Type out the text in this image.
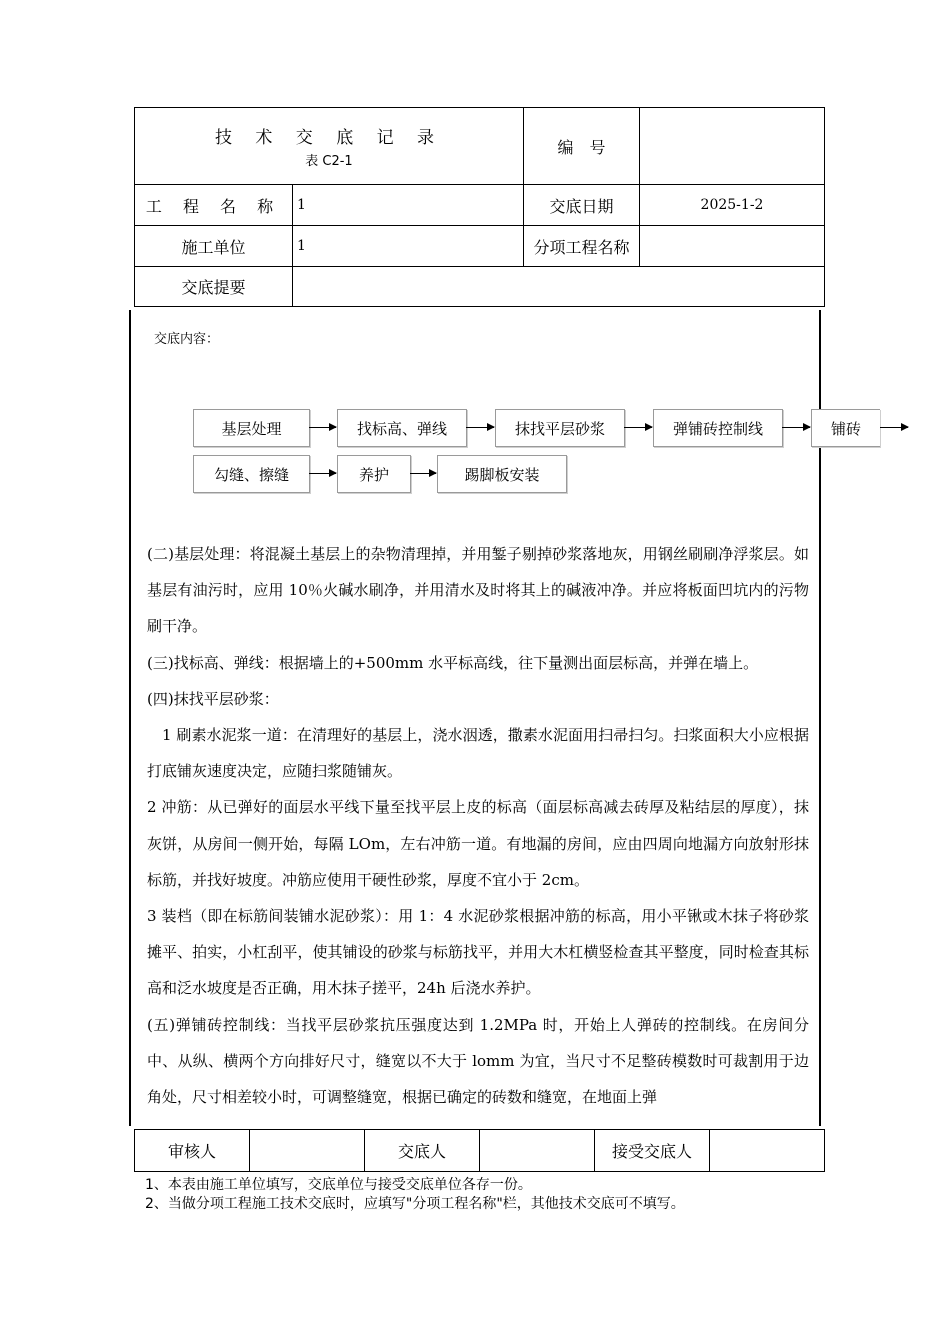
技 术 交 底 记 录
表 C2-1		编　号	
工 程 名 称	1	交底日期	2025-1-2
施工单位	1	分项工程名称	
交底提要			
交底内容：
基层处理	找标高、弹线	抹找平层砂浆	弹铺砖控制线	铺砖
勾缝、擦缝	养护	踢脚板安装

(二)基层处理：将混凝土基层上的杂物清理掉，并用錾子剔掉砂浆落地灰，用钢丝刷刷净浮浆层。如基层有油污时，应用 10％火碱水刷净，并用清水及时将其上的碱液冲净。并应将板面凹坑内的污物刷干净。

(三)找标高、弹线：根据墙上的+500mm 水平标高线，往下量测出面层标高，并弹在墙上。

(四)抹找平层砂浆：

　1 刷素水泥浆一道：在清理好的基层上，浇水洇透，撒素水泥面用扫帚扫匀。扫浆面积大小应根据打底铺灰速度决定，应随扫浆随铺灰。

2 冲筋：从已弹好的面层水平线下量至找平层上皮的标高（面层标高减去砖厚及粘结层的厚度），抹灰饼，从房间一侧开始，每隔 LOm，左右冲筋一道。有地漏的房间，应由四周向地漏方向放射形抹标筋，并找好坡度。冲筋应使用干硬性砂浆，厚度不宜小于 2cm。

3 装档（即在标筋间装铺水泥砂浆）：用 1：4 水泥砂浆根据冲筋的标高，用小平锹或木抹子将砂浆摊平、拍实，小杠刮平，使其铺设的砂浆与标筋找平，并用大木杠横竖检查其平整度，同时检查其标高和泛水坡度是否正确，用木抹子搓平，24h 后浇水养护。

(五)弹铺砖控制线：当找平层砂浆抗压强度达到 1.2MPa 时，开始上人弹砖的控制线。在房间分中、从纵、横两个方向排好尺寸，缝宽以不大于 lomm 为宜，当尺寸不足整砖模数时可裁割用于边角处，尺寸相差较小时，可调整缝宽，根据已确定的砖数和缝宽，在地面上弹

审核人		交底人		接受交底人	

1、本表由施工单位填写，交底单位与接受交底单位各存一份。

2、当做分项工程施工技术交底时，应填写"分项工程名称"栏，其他技术交底可不填写。
